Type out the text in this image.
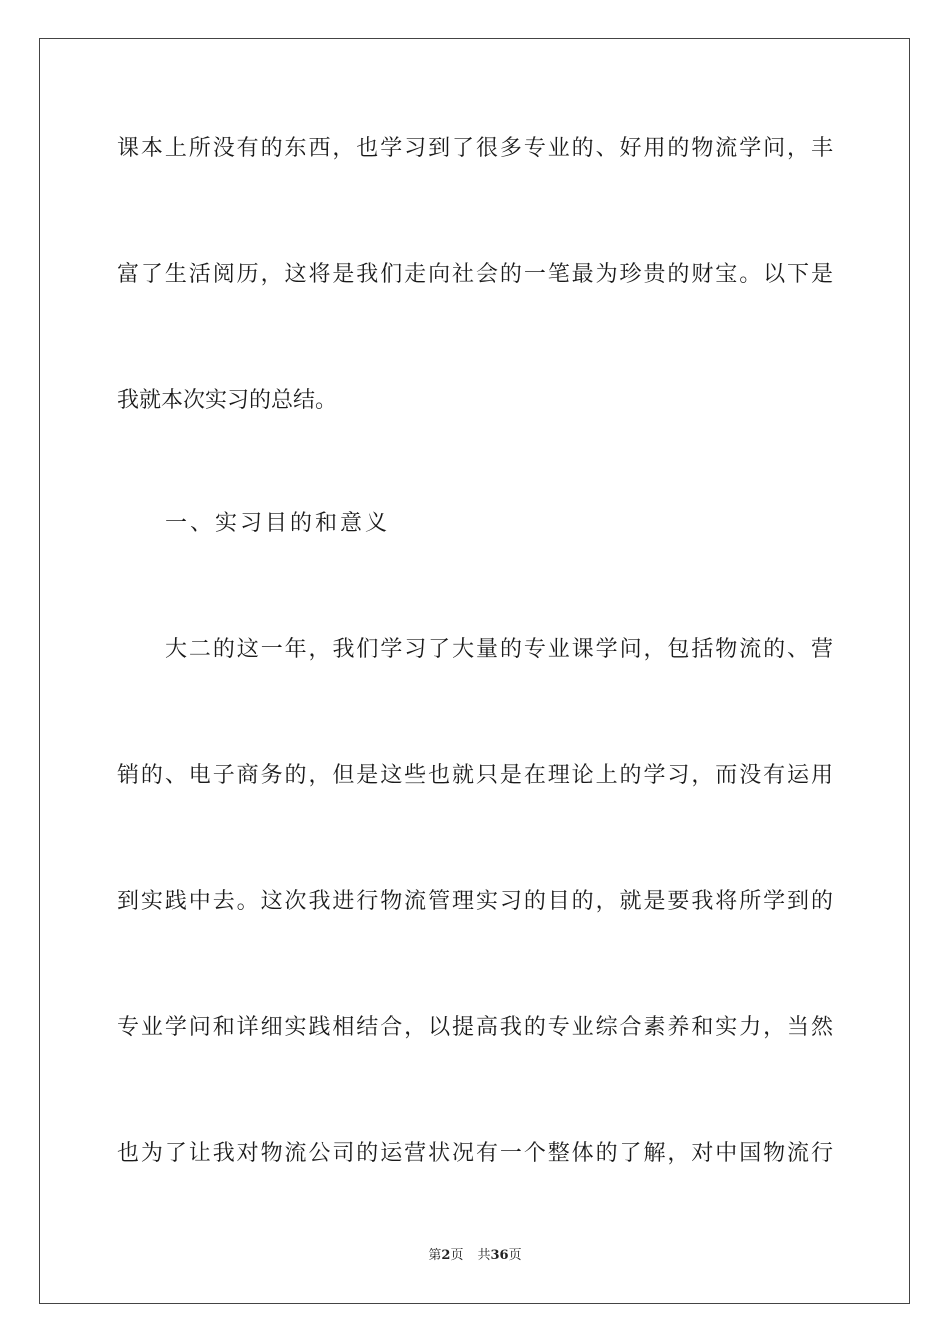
课本上所没有的东西，也学习到了很多专业的、好用的物流学问，丰
富了生活阅历，这将是我们走向社会的一笔最为珍贵的财宝。以下是
我就本次实习的总结。
一、实习目的和意义
大二的这一年，我们学习了大量的专业课学问，包括物流的、营
销的、电子商务的，但是这些也就只是在理论上的学习，而没有运用
到实践中去。这次我进行物流管理实习的目的，就是要我将所学到的
专业学问和详细实践相结合，以提高我的专业综合素养和实力，当然
也为了让我对物流公司的运营状况有一个整体的了解，对中国物流行
第2页 共36页
